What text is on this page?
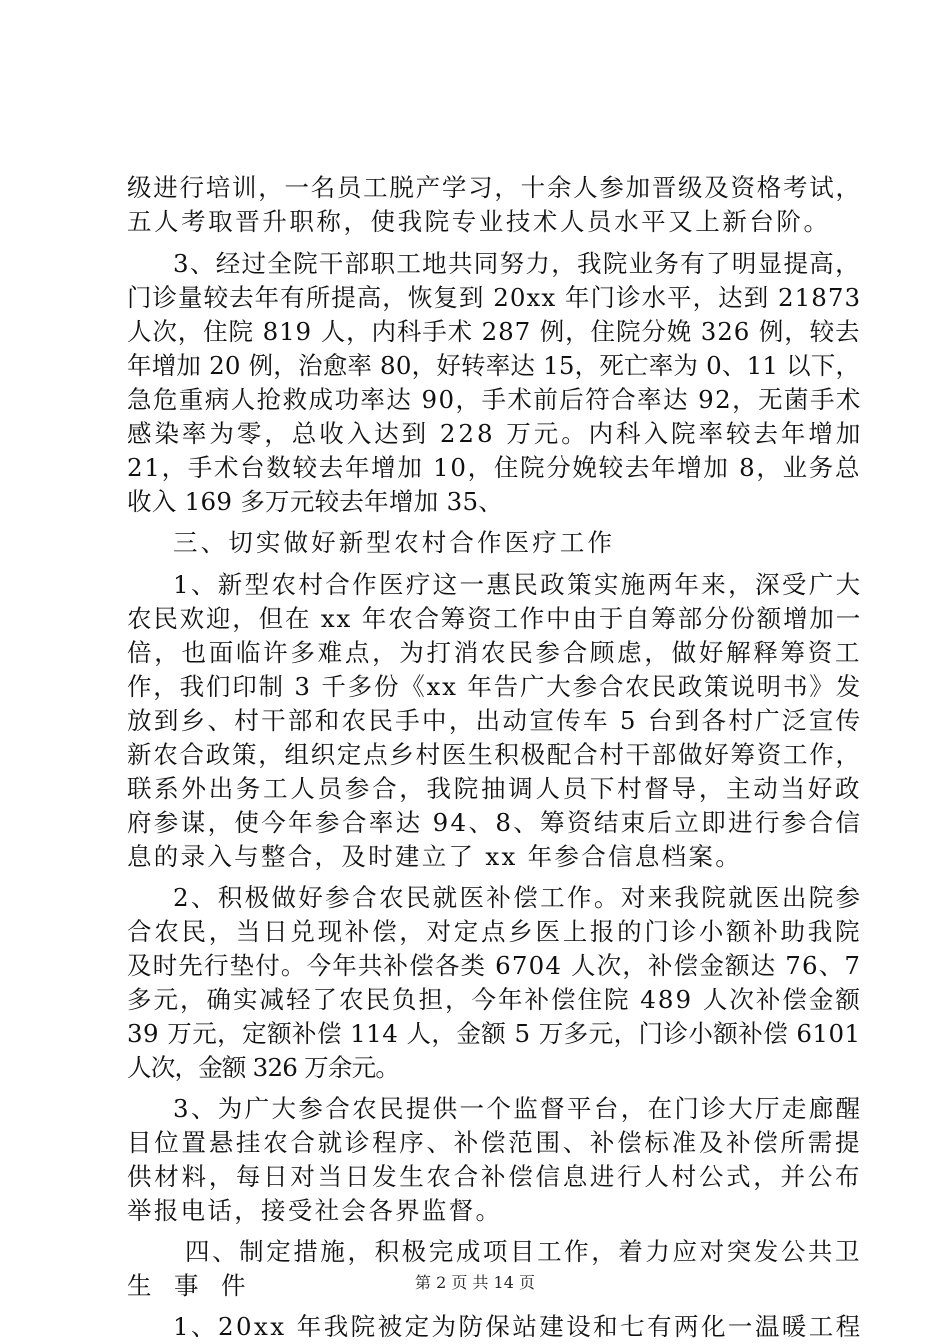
级进行培训，一名员工脱产学习，十余人参加晋级及资格考试，
五人考取晋升职称，使我院专业技术人员水平又上新台阶。
3、经过全院干部职工地共同努力，我院业务有了明显提高，
门诊量较去年有所提高，恢复到 20xx 年门诊水平，达到 21873
人次，住院 819 人，内科手术 287 例，住院分娩 326 例，较去
年增加 20 例，治愈率 80，好转率达 15，死亡率为 0、11 以下，
急危重病人抢救成功率达 90，手术前后符合率达 92，无菌手术
感染率为零，总收入达到 228 万元。内科入院率较去年增加
21，手术台数较去年增加 10，住院分娩较去年增加 8，业务总
收入 169 多万元较去年增加 35、
三、切实做好新型农村合作医疗工作
1、新型农村合作医疗这一惠民政策实施两年来，深受广大
农民欢迎，但在 xx 年农合筹资工作中由于自筹部分份额增加一
倍，也面临许多难点，为打消农民参合顾虑，做好解释筹资工
作，我们印制 3 千多份《xx 年告广大参合农民政策说明书》发
放到乡、村干部和农民手中，出动宣传车 5 台到各村广泛宣传
新农合政策，组织定点乡村医生积极配合村干部做好筹资工作，
联系外出务工人员参合，我院抽调人员下村督导，主动当好政
府参谋，使今年参合率达 94、8、筹资结束后立即进行参合信
息的录入与整合，及时建立了 xx 年参合信息档案。
2、积极做好参合农民就医补偿工作。对来我院就医出院参
合农民，当日兑现补偿，对定点乡医上报的门诊小额补助我院
及时先行垫付。今年共补偿各类 6704 人次，补偿金额达 76、7
多元，确实减轻了农民负担，今年补偿住院 489 人次补偿金额
39 万元，定额补偿 114 人，金额 5 万多元，门诊小额补偿 6101
人次，金额 326 万余元。
3、为广大参合农民提供一个监督平台，在门诊大厅走廊醒
目位置悬挂农合就诊程序、补偿范围、补偿标准及补偿所需提
供材料，每日对当日发生农合补偿信息进行人村公式，并公布
举报电话，接受社会各界监督。
四、制定措施，积极完成项目工作，着力应对突发公共卫
生事件
1、20xx 年我院被定为防保站建设和七有两化一温暖工程
第 2 页 共 14 页
